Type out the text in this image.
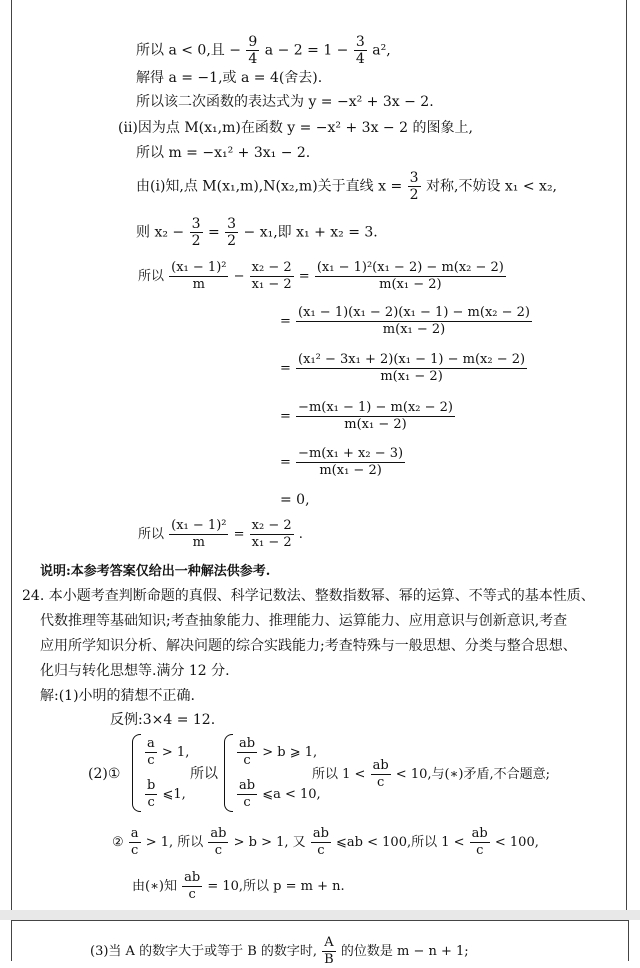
所以 a < 0,且 − $\frac{9}{4}$ $a - 2 = 1 - \frac{3}{4} a^2$,
解得 a = −1,或 a = 4(舍去).
所以该二次函数的表达式为 y = −x² + 3x − 2.
(ii)因为点 M(x₁,m)在函数 y = −x² + 3x − 2 的图象上,
所以 m = −x₁² + 3x₁ − 2.
由(i)知,点 M(x₁,m),N(x₂,m)关于直线 $x = \frac{3}{2}$ 对称,不妨设 x₁ < x₂,
则 $x_2 - \frac{3}{2} = \frac{3}{2} - x_1$,即 x₁ + x₂ = 3.
所以 $\frac{\text{(x₁ − 1)²}}{m} - \frac{\text{x₂ − 2}}{\text{x₁ − 2}} = \frac{\text{(x₁ − 1)²(x₁ − 2) − m(x₂ − 2)}}{\text{m(x₁ − 2)}}$
= $\frac{\text{(x₁ − 1)(x₁ − 2)(x₁ − 1) − m(x₂ − 2)}}{\text{m(x₁ − 2)}}$
= $\frac{\text{(x₁² − 3x₁ + 2)(x₁ − 1) − m(x₂ − 2)}}{\text{m(x₁ − 2)}}$
= $\frac{\text{−m(x₁ − 1) − m(x₂ − 2)}}{\text{m(x₁ − 2)}}$
= $\frac{\text{−m(x₁ + x₂ − 3)}}{\text{m(x₁ − 2)}}$
= 0,
所以 $\frac{\text{(x₁ − 1)²}}{m} = \frac{\text{x₂ − 2}}{\text{x₁ − 2}}$ .
说明:本参考答案仅给出一种解法供参考.
24. 本小题考查判断命题的真假、科学记数法、整数指数幂、幂的运算、不等式的基本性质、
代数推理等基础知识;考查抽象能力、推理能力、运算能力、应用意识与创新意识,考查
应用所学知识分析、解决问题的综合实践能力;考查特殊与一般思想、分类与整合思想、
化归与转化思想等.满分 12 分.
解:(1)小明的猜想不正确.
反例:3×4 = 12.
(2)①
$\frac{a}{c} > 1$,
$\frac{b}{c}$ ⩽1,
所以
$\frac{ab}{c} > b$ ⩾ 1,
$\frac{ab}{c}$ ⩽a < 10,
所以 $1 < \frac{ab}{c} < 10$,与(∗)矛盾,不合题意;
② $\frac{a}{c} > 1$, 所以 $\frac{ab}{c} > b > 1$, 又 $\frac{ab}{c}$ ⩽ab < 100,所以 $1 < \frac{ab}{c} < 100$,
由(∗)知 $\frac{ab}{c} = 10$,所以 p = m + n.
(3)当 A 的数字大于或等于 B 的数字时, $\frac{A}{B}$ 的位数是 m − n + 1;
